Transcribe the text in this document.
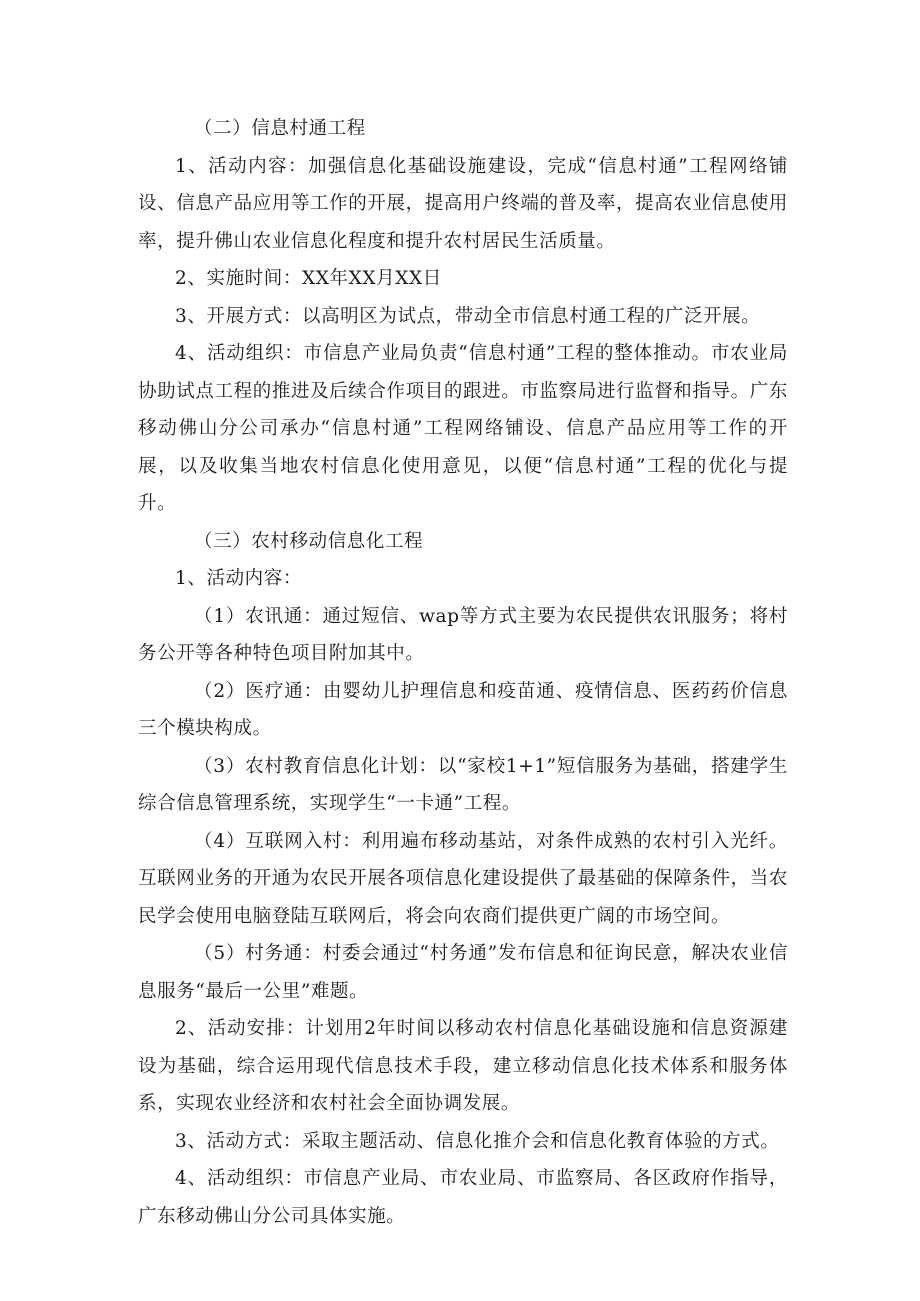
（二）信息村通工程

1、活动内容：加强信息化基础设施建设，完成“信息村通”工程网络铺设、信息产品应用等工作的开展，提高用户终端的普及率，提高农业信息使用率，提升佛山农业信息化程度和提升农村居民生活质量。

2、实施时间：XX年XX月XX日

3、开展方式：以高明区为试点，带动全市信息村通工程的广泛开展。

4、活动组织：市信息产业局负责“信息村通”工程的整体推动。市农业局协助试点工程的推进及后续合作项目的跟进。市监察局进行监督和指导。广东移动佛山分公司承办“信息村通”工程网络铺设、信息产品应用等工作的开展，以及收集当地农村信息化使用意见，以便“信息村通”工程的优化与提升。

（三）农村移动信息化工程

1、活动内容：

（1）农讯通：通过短信、wap等方式主要为农民提供农讯服务；将村务公开等各种特色项目附加其中。

（2）医疗通：由婴幼儿护理信息和疫苗通、疫情信息、医药药价信息三个模块构成。

（3）农村教育信息化计划：以“家校1+1”短信服务为基础，搭建学生综合信息管理系统，实现学生“一卡通”工程。

（4）互联网入村：利用遍布移动基站，对条件成熟的农村引入光纤。互联网业务的开通为农民开展各项信息化建设提供了最基础的保障条件，当农民学会使用电脑登陆互联网后，将会向农商们提供更广阔的市场空间。

（5）村务通：村委会通过“村务通”发布信息和征询民意，解决农业信息服务“最后一公里”难题。

2、活动安排：计划用2年时间以移动农村信息化基础设施和信息资源建设为基础，综合运用现代信息技术手段，建立移动信息化技术体系和服务体系，实现农业经济和农村社会全面协调发展。

3、活动方式：采取主题活动、信息化推介会和信息化教育体验的方式。

4、活动组织：市信息产业局、市农业局、市监察局、各区政府作指导，广东移动佛山分公司具体实施。
